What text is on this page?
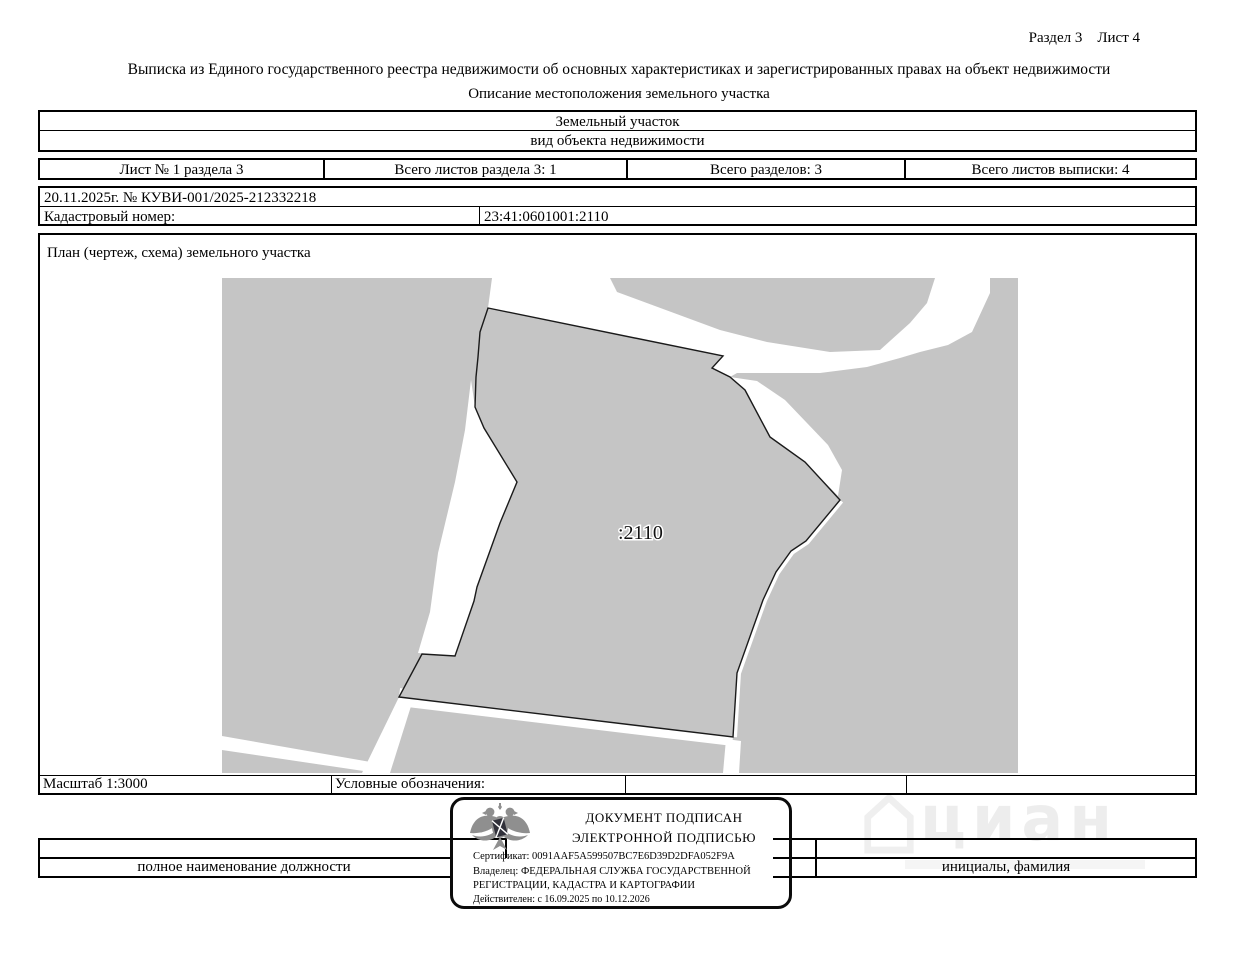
циан
Раздел 3    Лист 4
Выписка из Единого государственного реестра недвижимости об основных характеристиках и зарегистрированных правах на объект недвижимости
Описание местоположения земельного участка
Земельный участок
вид объекта недвижимости
Лист № 1 раздела 3	Всего листов раздела 3: 1	Всего разделов: 3	Всего листов выписки: 4
20.11.2025г. № КУВИ-001/2025-212332218
Кадастровый номер:	23:41:0601001:2110
План (чертеж, схема) земельного участка
Масштаб 1:3000	Условные обозначения:
:2110
полное наименование должности	инициалы, фамилия
ДОКУМЕНТ ПОДПИСАН
ЭЛЕКТРОННОЙ ПОДПИСЬЮ
Сертификат: 0091AAF5A599507BC7E6D39D2DFA052F9A
Владелец: ФЕДЕРАЛЬНАЯ СЛУЖБА ГОСУДАРСТВЕННОЙ
РЕГИСТРАЦИИ, КАДАСТРА И КАРТОГРАФИИ
Действителен: с 16.09.2025 по 10.12.2026
